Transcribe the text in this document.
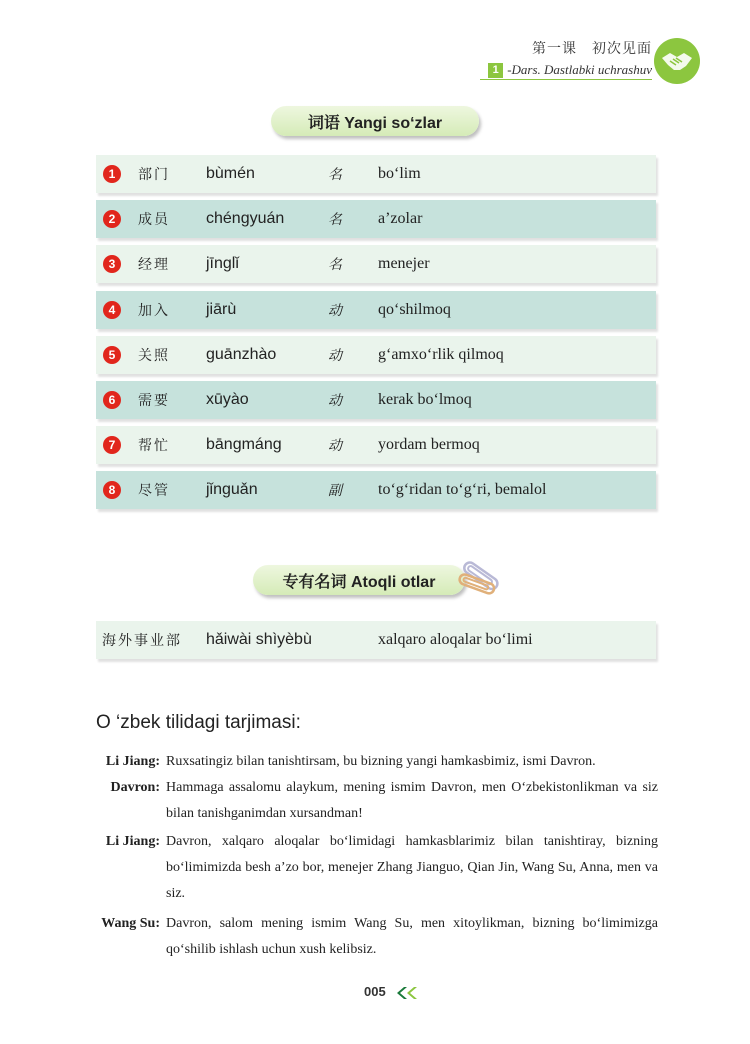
第一课　初次见面
1 -Dars. Dastlabki uchrashuv
词语 Yangi so‘zlar
1	部门 bùmén	名 bo‘lim
2	成员 chéngyuán	名 a’zolar
3	经理 jīnglǐ	名 menejer
4	加入 jiārù	动 qo‘shilmoq
5	关照 guānzhào	动 g‘amxo‘rlik qilmoq
6	需要 xūyào	动 kerak bo‘lmoq
7	帮忙 bāngmáng	动 yordam bermoq
8	尽管 jǐnguǎn	副 to‘g‘ridan to‘g‘ri, bemalol
专有名词 Atoqli otlar
海外事业部 hǎiwài shìyèbù	xalqaro aloqalar bo‘limi
O ‘zbek tilidagi tarjimasi:
Li Jiang: Ruxsatingiz bilan tanishtirsam, bu bizning yangi hamkasbimiz, ismi Davron.
Davron: Hammaga assalomu alaykum, mening ismim Davron, men O‘zbekistonlikman va siz bilan tanishganimdan xursandman!
Li Jiang: Davron, xalqaro aloqalar bo‘limidagi hamkasblarimiz bilan tanishtiray, bizning bo‘limimizda besh a’zo bor, menejer Zhang Jianguo, Qian Jin, Wang Su, Anna, men va siz.
Wang Su: Davron, salom mening ismim Wang Su, men xitoylikman, bizning bo‘limimizga qo‘shilib ishlash uchun xush kelibsiz.
005
